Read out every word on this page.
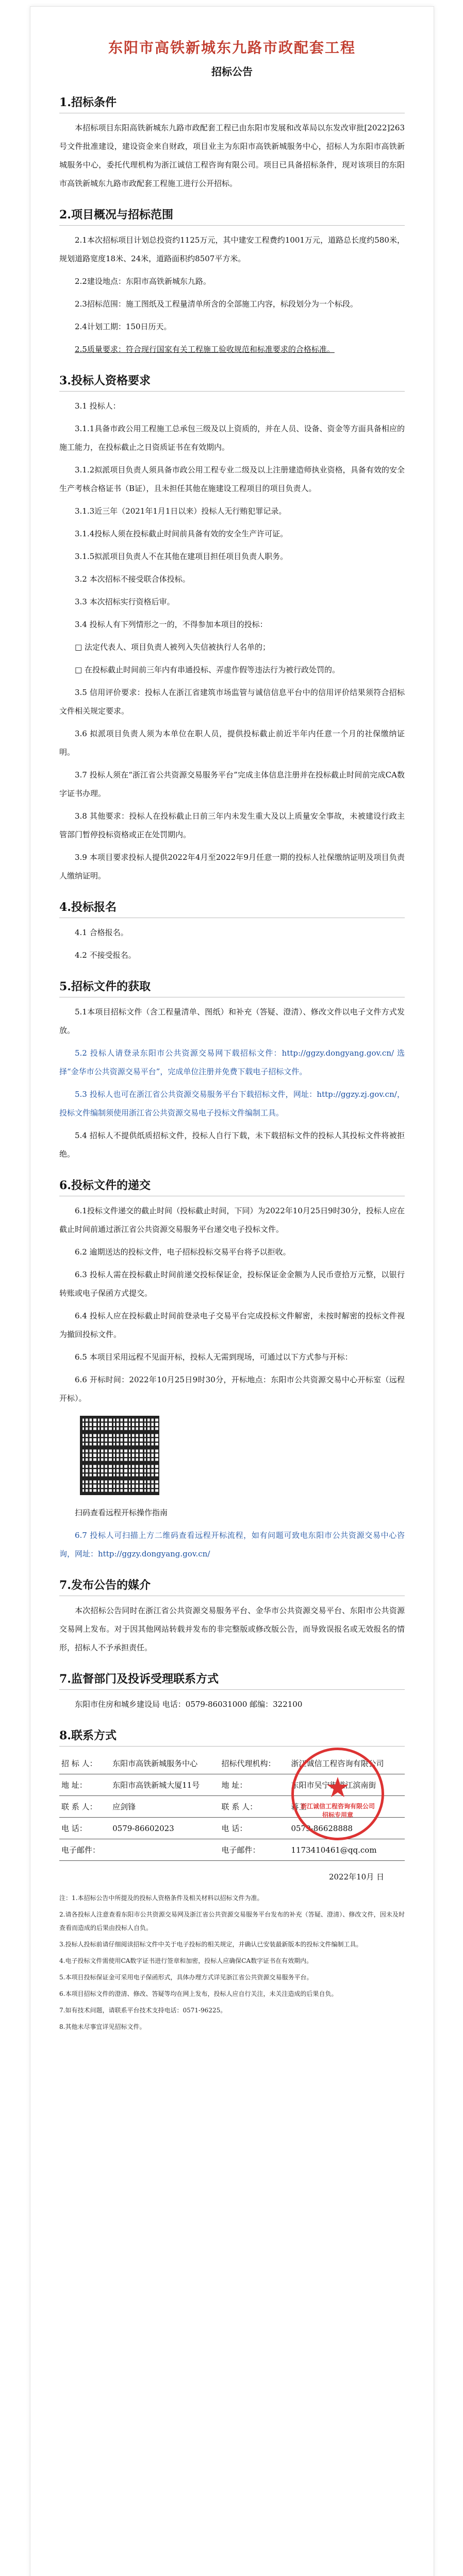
东阳市高铁新城东九路市政配套工程
招标公告
1.招标条件

本招标项目东阳高铁新城东九路市政配套工程已由东阳市发展和改革局以东发改审批[2022]263号文件批准建设，建设资金来自财政，项目业主为东阳市高铁新城服务中心，招标人为东阳市高铁新城服务中心，委托代理机构为浙江诚信工程咨询有限公司。项目已具备招标条件，现对该项目的东阳市高铁新城东九路市政配套工程施工进行公开招标。

2.项目概况与招标范围

2.1本次招标项目计划总投资约1125万元，其中建安工程费约1001万元，道路总长度约580米，规划道路宽度18米、24米，道路面积约8507平方米。

2.2建设地点：东阳市高铁新城东九路。

2.3招标范围：施工图纸及工程量清单所含的全部施工内容，标段划分为一个标段。

2.4计划工期：150日历天。

2.5质量要求：符合现行国家有关工程施工验收规范和标准要求的合格标准。

3.投标人资格要求

3.1 投标人：

3.1.1具备市政公用工程施工总承包三级及以上资质的，并在人员、设备、资金等方面具备相应的施工能力，在投标截止之日资质证书在有效期内。

3.1.2拟派项目负责人须具备市政公用工程专业二级及以上注册建造师执业资格，具备有效的安全生产考核合格证书（B证），且未担任其他在施建设工程项目的项目负责人。

3.1.3近三年（2021年1月1日以来）投标人无行贿犯罪记录。

3.1.4投标人须在投标截止时间前具备有效的安全生产许可证。

3.1.5拟派项目负责人不在其他在建项目担任项目负责人职务。

3.2 本次招标不接受联合体投标。

3.3 本次招标实行资格后审。

3.4 投标人有下列情形之一的，不得参加本项目的投标：

□ 法定代表人、项目负责人被列入失信被执行人名单的；

□ 在投标截止时间前三年内有串通投标、弄虚作假等违法行为被行政处罚的。

3.5 信用评价要求：投标人在浙江省建筑市场监管与诚信信息平台中的信用评价结果须符合招标文件相关规定要求。

3.6 拟派项目负责人须为本单位在职人员，提供投标截止前近半年内任意一个月的社保缴纳证明。

3.7 投标人须在“浙江省公共资源交易服务平台”完成主体信息注册并在投标截止时间前完成CA数字证书办理。

3.8 其他要求：投标人在投标截止日前三年内未发生重大及以上质量安全事故，未被建设行政主管部门暂停投标资格或正在处罚期内。

3.9 本项目要求投标人提供2022年4月至2022年9月任意一期的投标人社保缴纳证明及项目负责人缴纳证明。

4.投标报名

4.1 合格报名。

4.2 不接受报名。

5.招标文件的获取

5.1本项目招标文件（含工程量清单、图纸）和补充（答疑、澄清）、修改文件以电子文件方式发放。

5.2 投标人请登录东阳市公共资源交易网下载招标文件：http://ggzy.dongyang.gov.cn/ 选择“金华市公共资源交易平台”，完成单位注册并免费下载电子招标文件。

5.3 投标人也可在浙江省公共资源交易服务平台下载招标文件，网址：http://ggzy.zj.gov.cn/，投标文件编制须使用浙江省公共资源交易电子投标文件编制工具。

5.4 招标人不提供纸质招标文件，投标人自行下载，未下载招标文件的投标人其投标文件将被拒绝。

6.投标文件的递交

6.1投标文件递交的截止时间（投标截止时间，下同）为2022年10月25日9时30分，投标人应在截止时间前通过浙江省公共资源交易服务平台递交电子投标文件。

6.2 逾期送达的投标文件，电子招标投标交易平台将予以拒收。

6.3 投标人需在投标截止时间前递交投标保证金，投标保证金金额为人民币壹拾万元整，以银行转账或电子保函方式提交。

6.4 投标人应在投标截止时间前登录电子交易平台完成投标文件解密，未按时解密的投标文件视为撤回投标文件。

6.5 本项目采用远程不见面开标，投标人无需到现场，可通过以下方式参与开标：

6.6 开标时间：2022年10月25日9时30分，开标地点：东阳市公共资源交易中心开标室（远程开标）。

扫码查看远程开标操作指南

6.7 投标人可扫描上方二维码查看远程开标流程，如有问题可致电东阳市公共资源交易中心咨询，网址：http://ggzy.dongyang.gov.cn/

7.发布公告的媒介

本次招标公告同时在浙江省公共资源交易服务平台、金华市公共资源交易平台、东阳市公共资源交易网上发布。对于因其他网站转载并发布的非完整版或修改版公告，而导致误报名或无效报名的情形，招标人不予承担责任。

7.监督部门及投诉受理联系方式

东阳市住房和城乡建设局 电话：0579-86031000 邮编：322100

8.联系方式
招 标 人：	东阳市高铁新城服务中心	招标代理机构：	浙江诚信工程咨询有限公司
地 址：	东阳市高铁新城大厦11号	地 址：	东阳市吴宁街道江滨南街
联 系 人：	应剑锋	联 系 人：	蒋工
电 话：	0579-86602023	电 话：	0579-86628888
电子邮件：		电子邮件：	1173410461@qq.com
★
浙江诚信工程咨询有限公司
招标专用章
2022年10月 日

注：1.本招标公告中所提及的投标人资格条件及相关材料以招标文件为准。

2.请各投标人注意查看东阳市公共资源交易网及浙江省公共资源交易服务平台发布的补充（答疑、澄清）、修改文件，因未及时查看而造成的后果由投标人自负。

3.投标人投标前请仔细阅读招标文件中关于电子投标的相关规定，并确认已安装最新版本的投标文件编制工具。

4.电子投标文件需使用CA数字证书进行签章和加密，投标人应确保CA数字证书在有效期内。

5.本项目投标保证金可采用电子保函形式，具体办理方式详见浙江省公共资源交易服务平台。

6.本项目招标文件的澄清、修改、答疑等均在网上发布，投标人应自行关注，未关注造成的后果自负。

7.如有技术问题，请联系平台技术支持电话：0571-96225。

8.其他未尽事宜详见招标文件。
